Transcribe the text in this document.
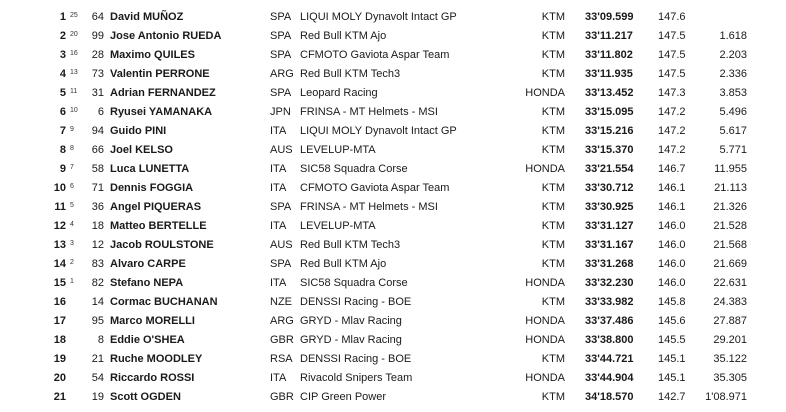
1 25	64 David MUÑOZ	SPA LIQUI MOLY Dynavolt Intact GP	KTM 33'09.599 147.6
2 20	99 Jose Antonio RUEDA	SPA Red Bull KTM Ajo	KTM 33'11.217 147.5	1.618
3 16	28 Maximo QUILES	SPA CFMOTO Gaviota Aspar Team	KTM 33'11.802 147.5	2.203
4 13	73 Valentin PERRONE	ARG Red Bull KTM Tech3	KTM 33'11.935 147.5	2.336
5 11	31 Adrian FERNANDEZ	SPA Leopard Racing	HONDA 33'13.452 147.3	3.853
6 10	6 Ryusei YAMANAKA	JPN FRINSA - MT Helmets - MSI	KTM 33'15.095 147.2	5.496
7 9	94 Guido PINI	ITA LIQUI MOLY Dynavolt Intact GP	KTM 33'15.216 147.2	5.617
8 8	66 Joel KELSO	AUS LEVELUP-MTA	KTM 33'15.370 147.2	5.771
9 7	58 Luca LUNETTA	ITA SIC58 Squadra Corse	HONDA 33'21.554 146.7	11.955
10 6	71 Dennis FOGGIA	ITA CFMOTO Gaviota Aspar Team	KTM 33'30.712 146.1	21.113
11 5	36 Angel PIQUERAS	SPA FRINSA - MT Helmets - MSI	KTM 33'30.925 146.1	21.326
12 4	18 Matteo BERTELLE	ITA LEVELUP-MTA	KTM 33'31.127 146.0	21.528
13 3	12 Jacob ROULSTONE	AUS Red Bull KTM Tech3	KTM 33'31.167 146.0	21.568
14 2	83 Alvaro CARPE	SPA Red Bull KTM Ajo	KTM 33'31.268 146.0	21.669
15 1	82 Stefano NEPA	ITA SIC58 Squadra Corse	HONDA 33'32.230 146.0	22.631
16	14 Cormac BUCHANAN	NZE DENSSI Racing - BOE	KTM 33'33.982 145.8	24.383
17	95 Marco MORELLI	ARG GRYD - Mlav Racing	HONDA 33'37.486 145.6	27.887
18	8 Eddie O'SHEA	GBR GRYD - Mlav Racing	HONDA 33'38.800 145.5	29.201
19	21 Ruche MOODLEY	RSA DENSSI Racing - BOE	KTM 33'44.721 145.1	35.122
20	54 Riccardo ROSSI	ITA Rivacold Snipers Team	HONDA 33'44.904 145.1	35.305
21	19 Scott OGDEN	GBR CIP Green Power	KTM 34'18.570 142.7	1'08.971
